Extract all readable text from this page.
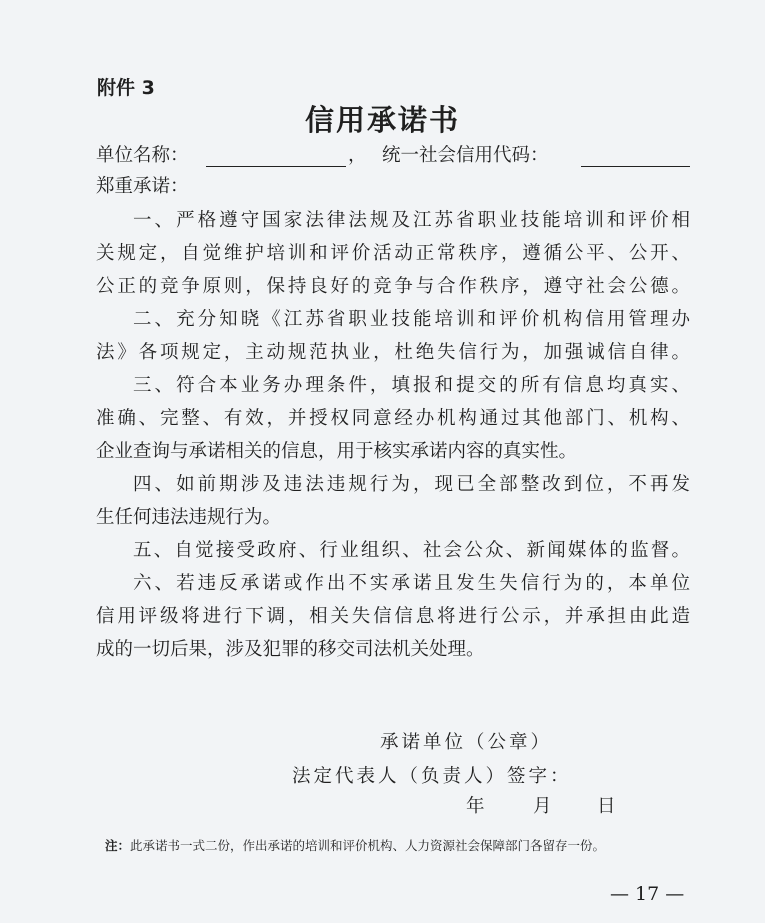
附件 3
信用承诺书
单位名称：	， 统一社会信用代码：
郑重承诺：
一、严格遵守国家法律法规及江苏省职业技能培训和评价相
关规定，自觉维护培训和评价活动正常秩序，遵循公平、公开、
公正的竞争原则，保持良好的竞争与合作秩序，遵守社会公德。
二、充分知晓《江苏省职业技能培训和评价机构信用管理办
法》各项规定，主动规范执业，杜绝失信行为，加强诚信自律。
三、符合本业务办理条件，填报和提交的所有信息均真实、
准确、完整、有效，并授权同意经办机构通过其他部门、机构、
企业查询与承诺相关的信息，用于核实承诺内容的真实性。
四、如前期涉及违法违规行为，现已全部整改到位，不再发
生任何违法违规行为。
五、自觉接受政府、行业组织、社会公众、新闻媒体的监督。
六、若违反承诺或作出不实承诺且发生失信行为的，本单位
信用评级将进行下调，相关失信信息将进行公示，并承担由此造
成的一切后果，涉及犯罪的移交司法机关处理。
承诺单位（公章）
法定代表人（负责人）签字：
年	月 日
注：此承诺书一式二份，作出承诺的培训和评价机构、人力资源社会保障部门各留存一份。
— 17 —
